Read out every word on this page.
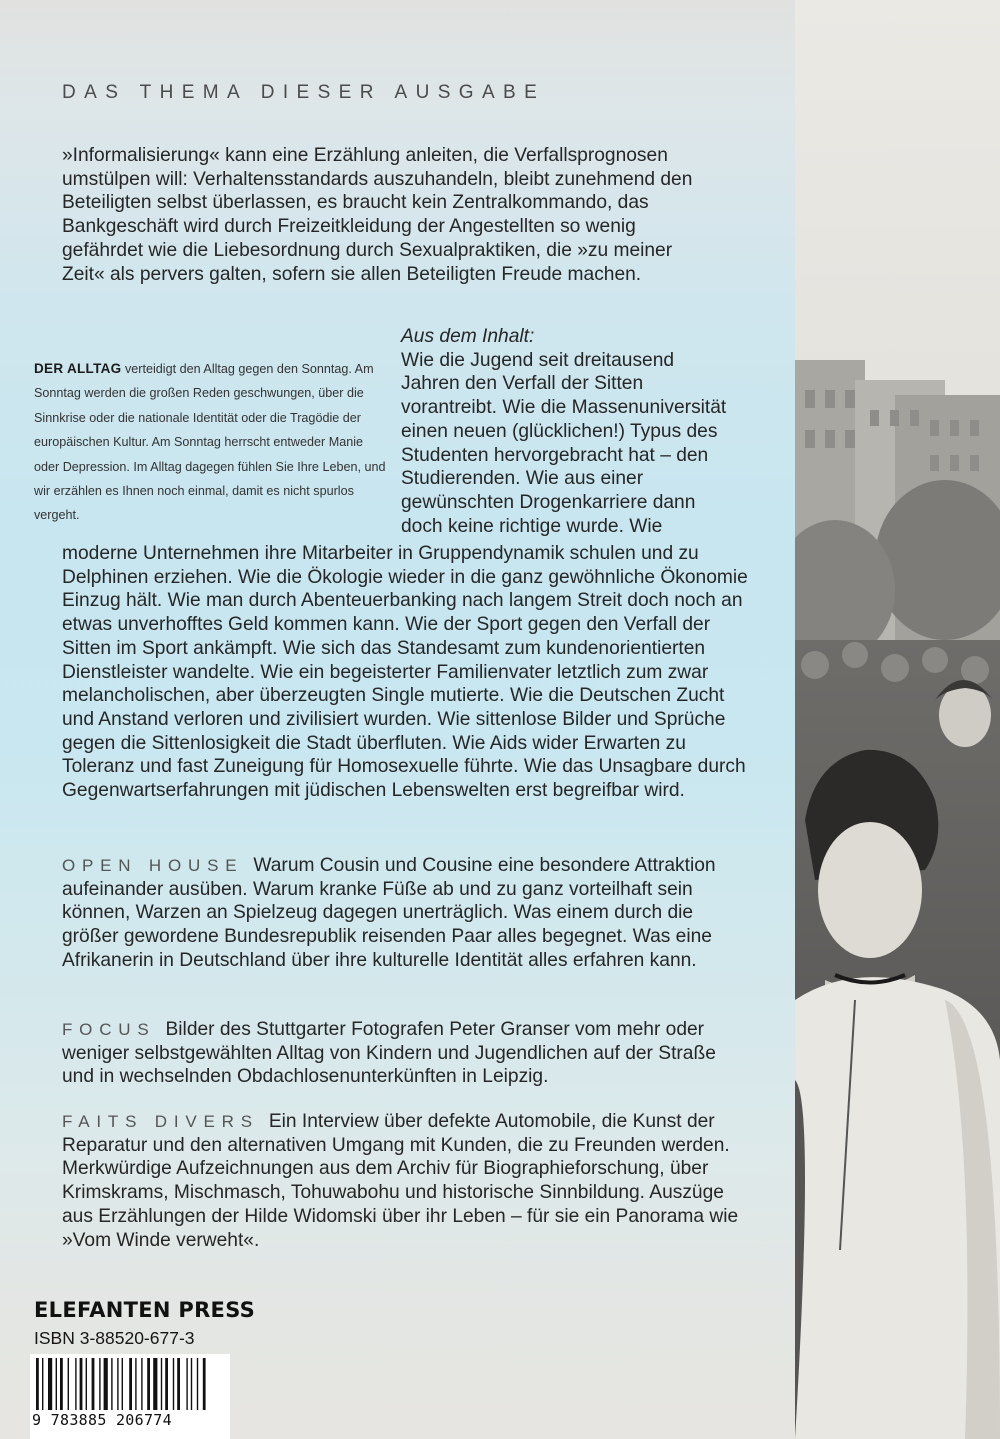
DAS THEMA DIESER AUSGABE

»Informalisierung« kann eine Erzählung anleiten, die Verfallsprognosen umstülpen will: Verhaltensstandards auszuhandeln, bleibt zunehmend den Beteiligten selbst überlassen, es braucht kein Zentralkommando, das Bankgeschäft wird durch Freizeitkleidung der Angestellten so wenig gefährdet wie die Liebesordnung durch Sexualpraktiken, die »zu meiner Zeit« als pervers galten, sofern sie allen Beteiligten Freude machen.

DER ALLTAG verteidigt den Alltag gegen den Sonntag. Am Sonntag werden die großen Reden geschwungen, über die Sinnkrise oder die nationale Identität oder die Tragödie der europäischen Kultur. Am Sonntag herrscht entweder Manie oder Depression. Im Alltag dagegen fühlen Sie Ihre Leben, und wir erzählen es Ihnen noch einmal, damit es nicht spurlos vergeht.

Aus dem Inhalt:
Wie die Jugend seit dreitausend Jahren den Verfall der Sitten vorantreibt. Wie die Massenuniversität einen neuen (glücklichen!) Typus des Studenten hervorgebracht hat – den Studierenden. Wie aus einer gewünschten Drogenkarriere dann doch keine richtige wurde. Wie

moderne Unternehmen ihre Mitarbeiter in Gruppendynamik schulen und zu Delphinen erziehen. Wie die Ökologie wieder in die ganz gewöhnliche Ökonomie Einzug hält. Wie man durch Abenteuerbanking nach langem Streit doch noch an etwas unverhofftes Geld kommen kann. Wie der Sport gegen den Verfall der Sitten im Sport ankämpft. Wie sich das Standesamt zum kundenorientierten Dienstleister wandelte. Wie ein begeisterter Familienvater letztlich zum zwar melancholischen, aber überzeugten Single mutierte. Wie die Deutschen Zucht und Anstand verloren und zivilisiert wurden. Wie sittenlose Bilder und Sprüche gegen die Sittenlosigkeit die Stadt überfluten. Wie Aids wider Erwarten zu Toleranz und fast Zuneigung für Homosexuelle führte. Wie das Unsagbare durch Gegenwartserfahrungen mit jüdischen Lebenswelten erst begreifbar wird.

OPEN HOUSE Warum Cousin und Cousine eine besondere Attraktion aufeinander ausüben. Warum kranke Füße ab und zu ganz vorteilhaft sein können, Warzen an Spielzeug dagegen unerträglich. Was einem durch die größer gewordene Bundesrepublik reisenden Paar alles begegnet. Was eine Afrikanerin in Deutschland über ihre kulturelle Identität alles erfahren kann.

FOCUS Bilder des Stuttgarter Fotografen Peter Granser vom mehr oder weniger selbstgewählten Alltag von Kindern und Jugendlichen auf der Straße und in wechselnden Obdachlosenunterkünften in Leipzig.

FAITS DIVERS Ein Interview über defekte Automobile, die Kunst der Reparatur und den alternativen Umgang mit Kunden, die zu Freunden werden. Merkwürdige Aufzeichnungen aus dem Archiv für Biographieforschung, über Krimskrams, Mischmasch, Tohuwabohu und historische Sinnbildung. Auszüge aus Erzählungen der Hilde Widomski über ihr Leben – für sie ein Panorama wie »Vom Winde verweht«.

ELEFANTEN PRESS

ISBN 3-88520-677-3

9 783885 206774
